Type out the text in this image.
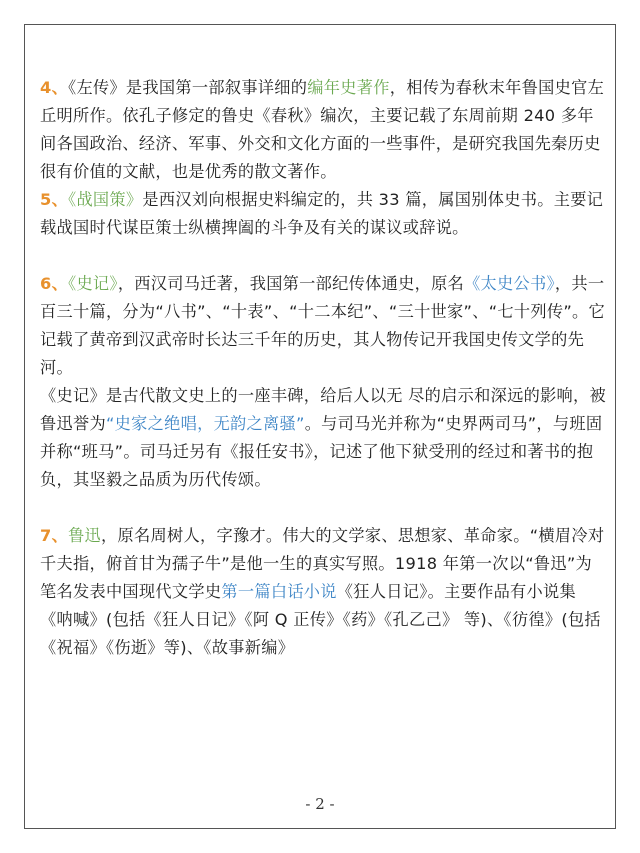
4、《左传》是我国第一部叙事详细的编年史著作，相传为春秋末年鲁国史官左丘明所作。依孔子修定的鲁史《春秋》编次，主要记载了东周前期 240 多年间各国政治、经济、军事、外交和文化方面的一些事件，是研究我国先秦历史很有价值的文献，也是优秀的散文著作。

5、《战国策》是西汉刘向根据史料编定的，共 33 篇，属国别体史书。主要记载战国时代谋臣策士纵横捭阖的斗争及有关的谋议或辞说。

6、《史记》，西汉司马迁著，我国第一部纪传体通史，原名《太史公书》，共一百三十篇，分为“八书”、“十表”、“十二本纪”、“三十世家”、“七十列传”。它记载了黄帝到汉武帝时长达三千年的历史，其人物传记开我国史传文学的先河。

《史记》是古代散文史上的一座丰碑，给后人以无 尽的启示和深远的影响，被鲁迅誉为“史家之绝唱，无韵之离骚”。与司马光并称为“史界两司马”，与班固并称“班马”。司马迁另有《报任安书》，记述了他下狱受刑的经过和著书的抱负，其坚毅之品质为历代传颂。

7、鲁迅，原名周树人，字豫才。伟大的文学家、思想家、革命家。“横眉冷对千夫指，俯首甘为孺子牛”是他一生的真实写照。1918 年第一次以“鲁迅”为笔名发表中国现代文学史第一篇白话小说《狂人日记》。主要作品有小说集《呐喊》(包括《狂人日记》《阿 Q 正传》《药》《孔乙己》 等)、《彷徨》(包括《祝福》《伤逝》等)、《故事新编》

- 2 -
